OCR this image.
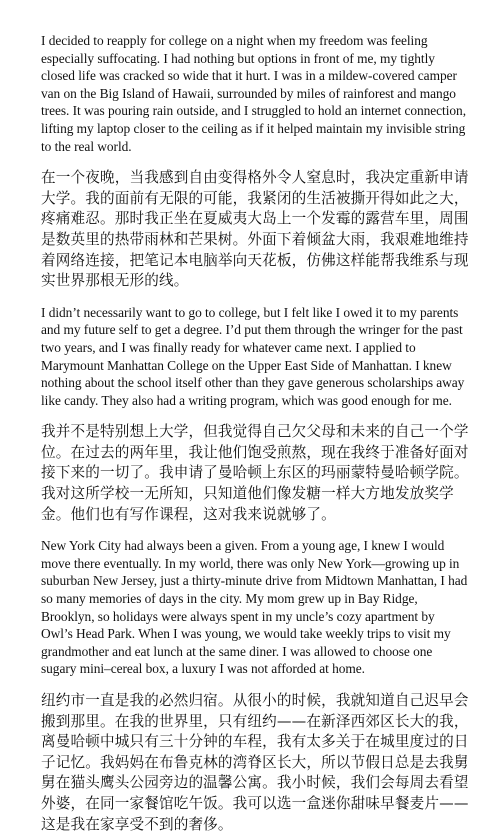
I decided to reapply for college on a night when my freedom was feeling especially suffocating. I had nothing but options in front of me, my tightly closed life was cracked so wide that it hurt. I was in a mildew-covered camper van on the Big Island of Hawaii, surrounded by miles of rainforest and mango trees. It was pouring rain outside, and I struggled to hold an internet connection, lifting my laptop closer to the ceiling as if it helped maintain my invisible string to the real world.

在一个夜晚，当我感到自由变得格外令人窒息时，我决定重新申请大学。我的面前有无限的可能，我紧闭的生活被撕开得如此之大，疼痛难忍。那时我正坐在夏威夷大岛上一个发霉的露营车里，周围是数英里的热带雨林和芒果树。外面下着倾盆大雨，我艰难地维持着网络连接，把笔记本电脑举向天花板，仿佛这样能帮我维系与现实世界那根无形的线。

I didn’t necessarily want to go to college, but I felt like I owed it to my parents and my future self to get a degree. I’d put them through the wringer for the past two years, and I was finally ready for whatever came next. I applied to Marymount Manhattan College on the Upper East Side of Manhattan. I knew nothing about the school itself other than they gave generous scholarships away like candy. They also had a writing program, which was good enough for me.

我并不是特别想上大学，但我觉得自己欠父母和未来的自己一个学位。在过去的两年里，我让他们饱受煎熬，现在我终于准备好面对接下来的一切了。我申请了曼哈顿上东区的玛丽蒙特曼哈顿学院。我对这所学校一无所知，只知道他们像发糖一样大方地发放奖学金。他们也有写作课程，这对我来说就够了。

New York City had always been a given. From a young age, I knew I would move there eventually. In my world, there was only New York—growing up in suburban New Jersey, just a thirty-minute drive from Midtown Manhattan, I had so many memories of days in the city. My mom grew up in Bay Ridge, Brooklyn, so holidays were always spent in my uncle’s cozy apartment by Owl’s Head Park. When I was young, we would take weekly trips to visit my grandmother and eat lunch at the same diner. I was allowed to choose one sugary mini–cereal box, a luxury I was not afforded at home.

纽约市一直是我的必然归宿。从很小的时候，我就知道自己迟早会搬到那里。在我的世界里，只有纽约——在新泽西郊区长大的我，离曼哈顿中城只有三十分钟的车程，我有太多关于在城里度过的日子记忆。我妈妈在布鲁克林的湾脊区长大，所以节假日总是去我舅舅在猫头鹰头公园旁边的温馨公寓。我小时候，我们会每周去看望外婆，在同一家餐馆吃午饭。我可以选一盒迷你甜味早餐麦片——这是我在家享受不到的奢侈。
